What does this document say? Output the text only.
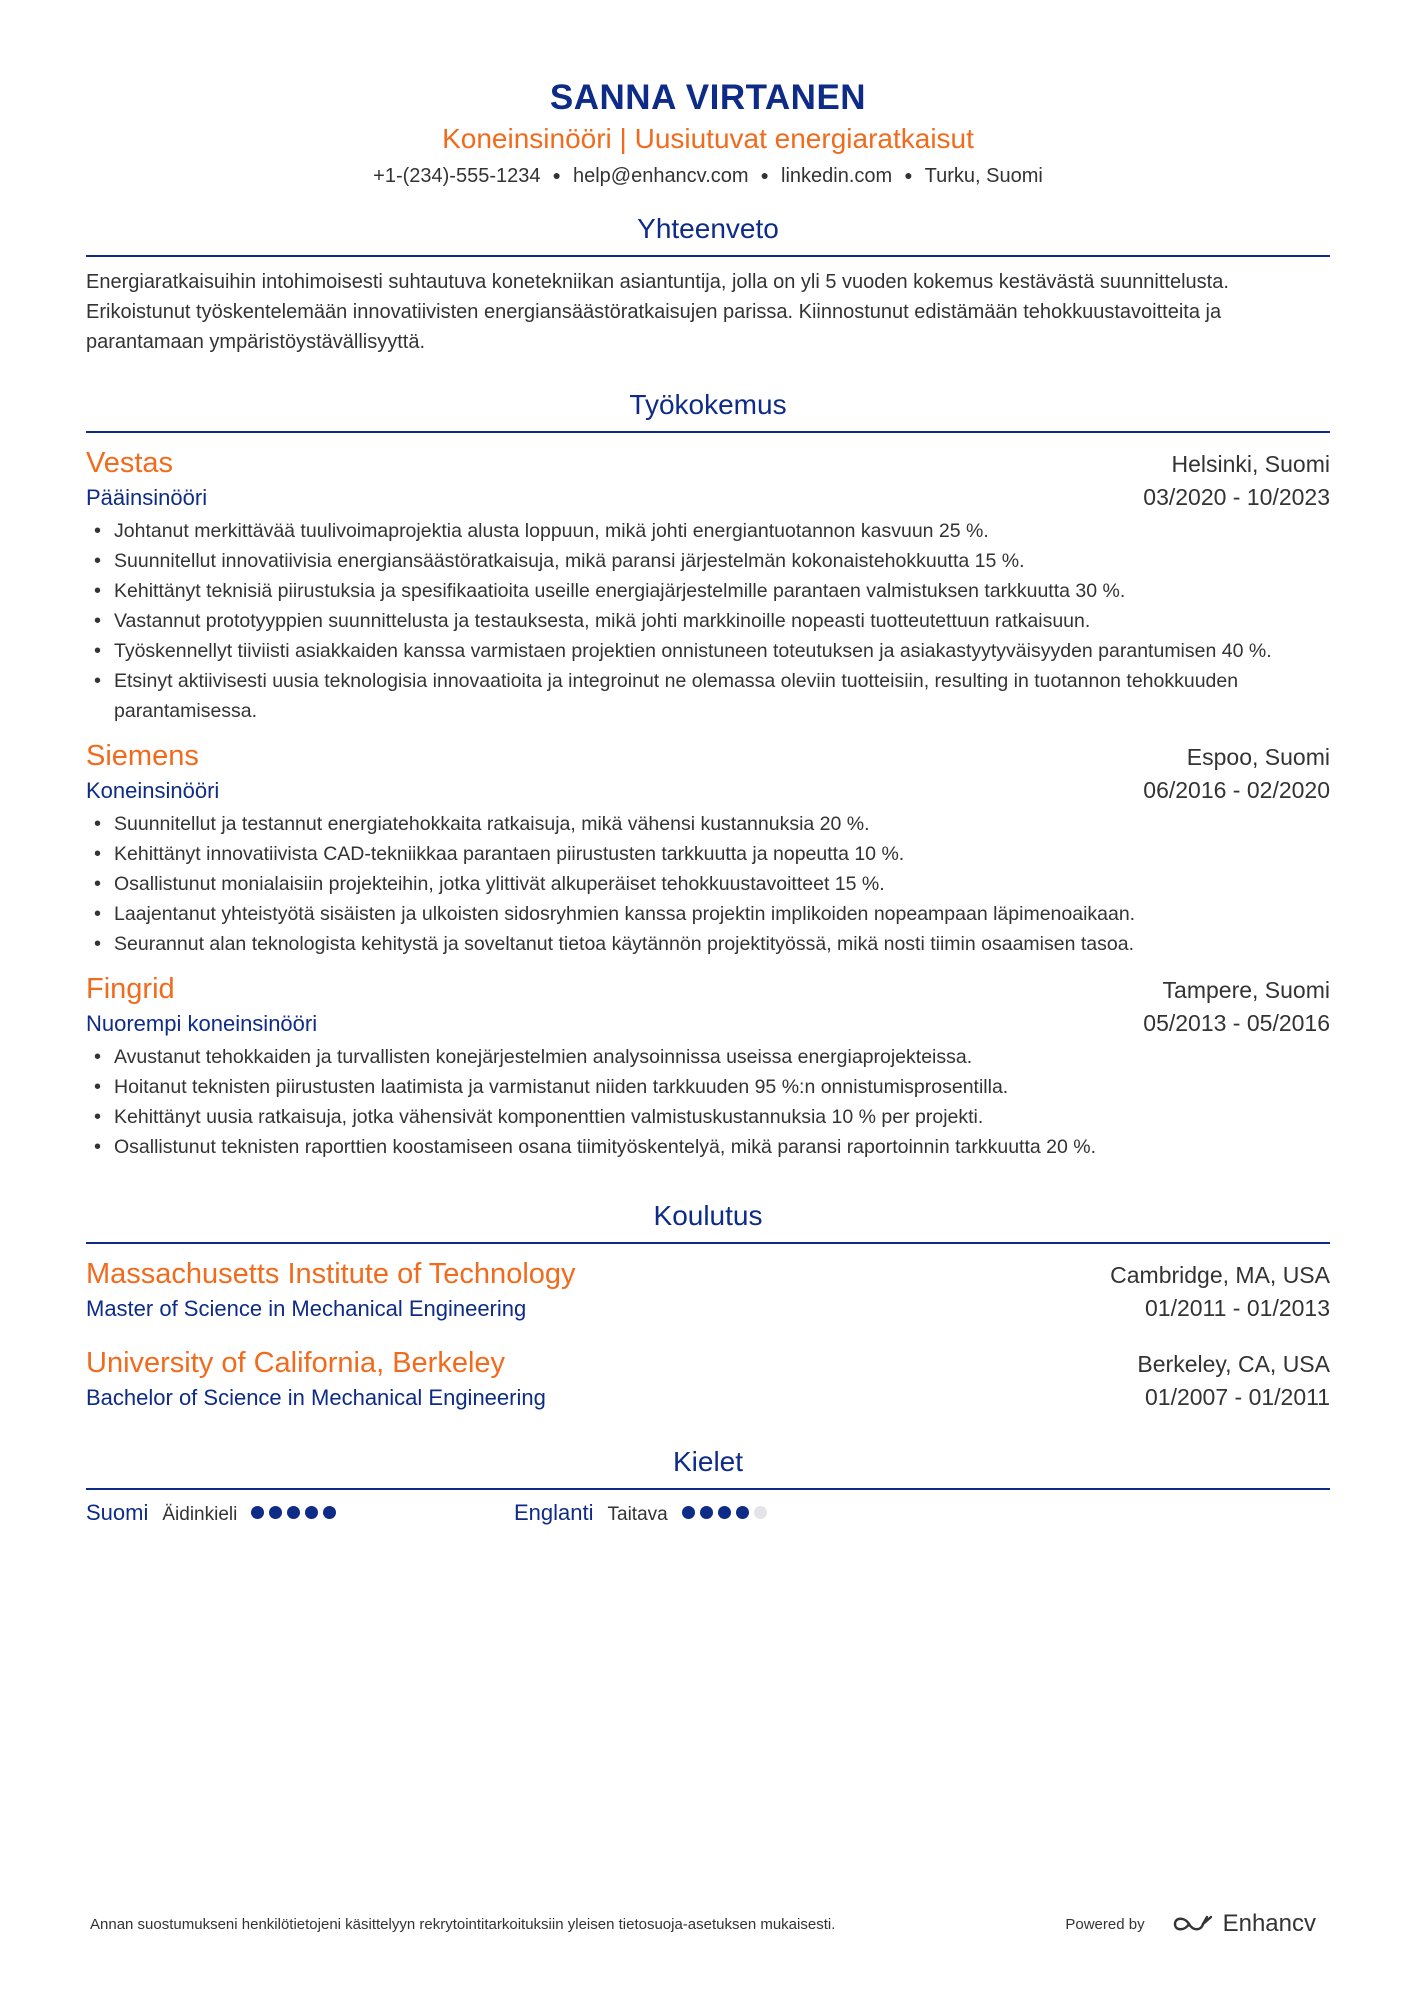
SANNA VIRTANEN
Koneinsinööri | Uusiutuvat energiaratkaisut
+1-(234)-555-1234 ● help@enhancv.com ● linkedin.com ● Turku, Suomi
Yhteenveto
Energiaratkaisuihin intohimoisesti suhtautuva konetekniikan asiantuntija, jolla on yli 5 vuoden kokemus kestävästä suunnittelusta. Erikoistunut työskentelemään innovatiivisten energiansäästöratkaisujen parissa. Kiinnostunut edistämään tehokkuustavoitteita ja parantamaan ympäristöystävällisyyttä.
Työkokemus
Vestas	Helsinki, Suomi
Pääinsinööri	03/2020 - 10/2023
• Johtanut merkittävää tuulivoimaprojektia alusta loppuun, mikä johti energiantuotannon kasvuun 25 %.
• Suunnitellut innovatiivisia energiansäästöratkaisuja, mikä paransi järjestelmän kokonaistehokkuutta 15 %.
• Kehittänyt teknisiä piirustuksia ja spesifikaatioita useille energiajärjestelmille parantaen valmistuksen tarkkuutta 30 %.
• Vastannut prototyyppien suunnittelusta ja testauksesta, mikä johti markkinoille nopeasti tuotteutettuun ratkaisuun.
• Työskennellyt tiiviisti asiakkaiden kanssa varmistaen projektien onnistuneen toteutuksen ja asiakastyytyväisyyden parantumisen 40 %.
• Etsinyt aktiivisesti uusia teknologisia innovaatioita ja integroinut ne olemassa oleviin tuotteisiin, resulting in tuotannon tehokkuuden parantamisessa.
Siemens	Espoo, Suomi
Koneinsinööri	06/2016 - 02/2020
• Suunnitellut ja testannut energiatehokkaita ratkaisuja, mikä vähensi kustannuksia 20 %.
• Kehittänyt innovatiivista CAD-tekniikkaa parantaen piirustusten tarkkuutta ja nopeutta 10 %.
• Osallistunut monialaisiin projekteihin, jotka ylittivät alkuperäiset tehokkuustavoitteet 15 %.
• Laajentanut yhteistyötä sisäisten ja ulkoisten sidosryhmien kanssa projektin implikoiden nopeampaan läpimenoaikaan.
• Seurannut alan teknologista kehitystä ja soveltanut tietoa käytännön projektityössä, mikä nosti tiimin osaamisen tasoa.
Fingrid	Tampere, Suomi
Nuorempi koneinsinööri	05/2013 - 05/2016
• Avustanut tehokkaiden ja turvallisten konejärjestelmien analysoinnissa useissa energiaprojekteissa.
• Hoitanut teknisten piirustusten laatimista ja varmistanut niiden tarkkuuden 95 %:n onnistumisprosentilla.
• Kehittänyt uusia ratkaisuja, jotka vähensivät komponenttien valmistuskustannuksia 10 % per projekti.
• Osallistunut teknisten raporttien koostamiseen osana tiimityöskentelyä, mikä paransi raportoinnin tarkkuutta 20 %.
Koulutus
Massachusetts Institute of Technology	Cambridge, MA, USA
Master of Science in Mechanical Engineering	01/2011 - 01/2013
University of California, Berkeley	Berkeley, CA, USA
Bachelor of Science in Mechanical Engineering	01/2007 - 01/2011
Kielet
Suomi Äidinkieli	Englanti Taitava
Annan suostumukseni henkilötietojeni käsittelyyn rekrytointitarkoituksiin yleisen tietosuoja-asetuksen mukaisesti.	Powered by	Enhancv
